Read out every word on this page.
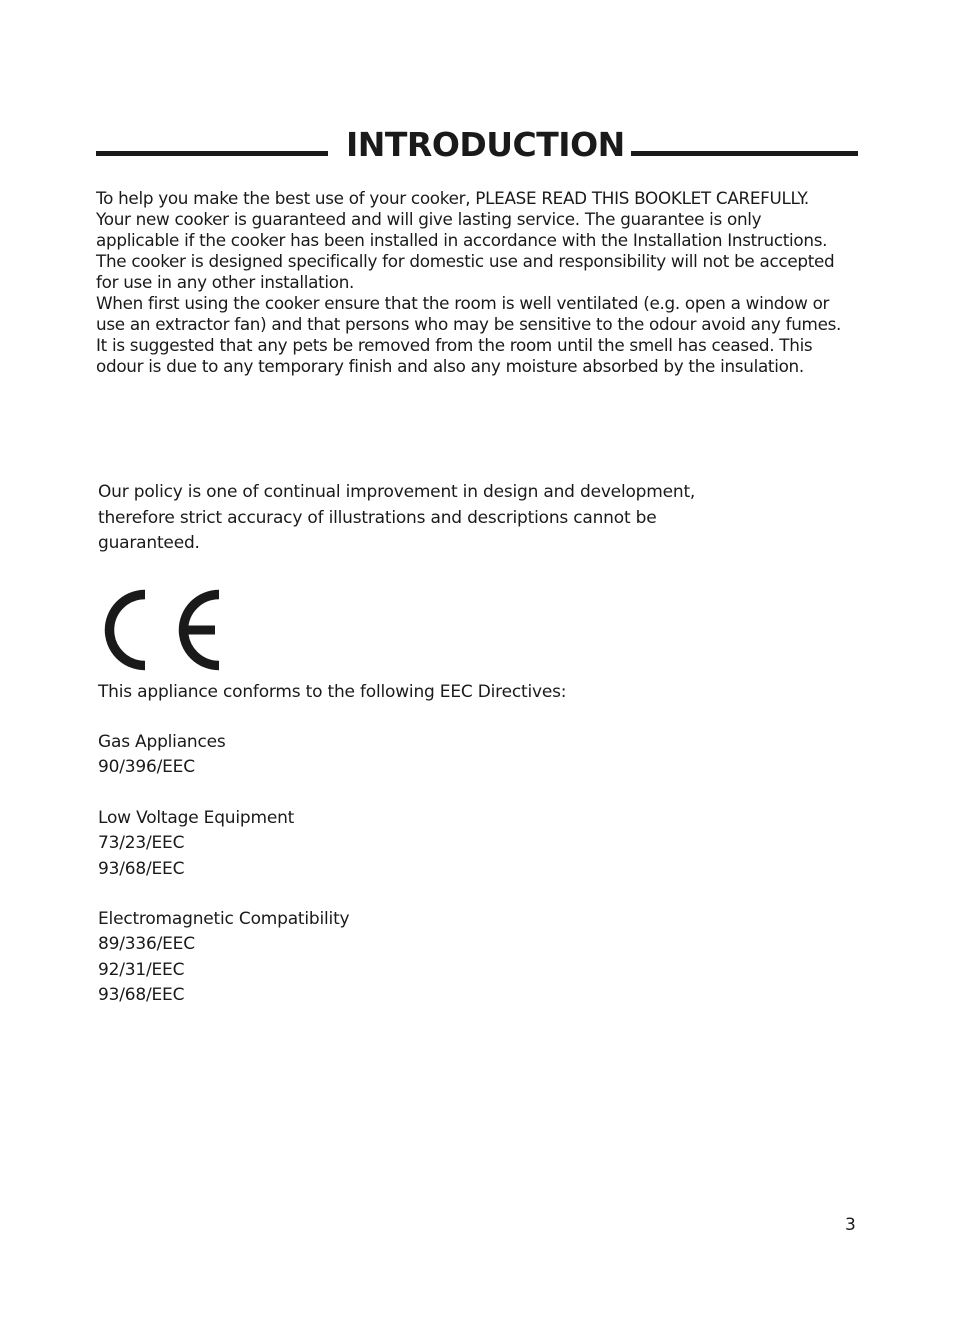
INTRODUCTION

To help you make the best use of your cooker, PLEASE READ THIS BOOKLET CAREFULLY.

Your new cooker is guaranteed and will give lasting service. The guarantee is only applicable if the cooker has been installed in accordance with the Installation Instructions.

The cooker is designed specifically for domestic use and responsibility will not be accepted for use in any other installation.

When first using the cooker ensure that the room is well ventilated (e.g. open a window or use an extractor fan) and that persons who may be sensitive to the odour avoid any fumes. It is suggested that any pets be removed from the room until the smell has ceased. This odour is due to any temporary finish and also any moisture absorbed by the insulation.

Our policy is one of continual improvement in design and development,
therefore strict accuracy of illustrations and descriptions cannot be
guaranteed.
This appliance conforms to the following EEC Directives:
Gas Appliances
90/396/EEC
Low Voltage Equipment
73/23/EEC
93/68/EEC
Electromagnetic Compatibility
89/336/EEC
92/31/EEC
93/68/EEC
3
